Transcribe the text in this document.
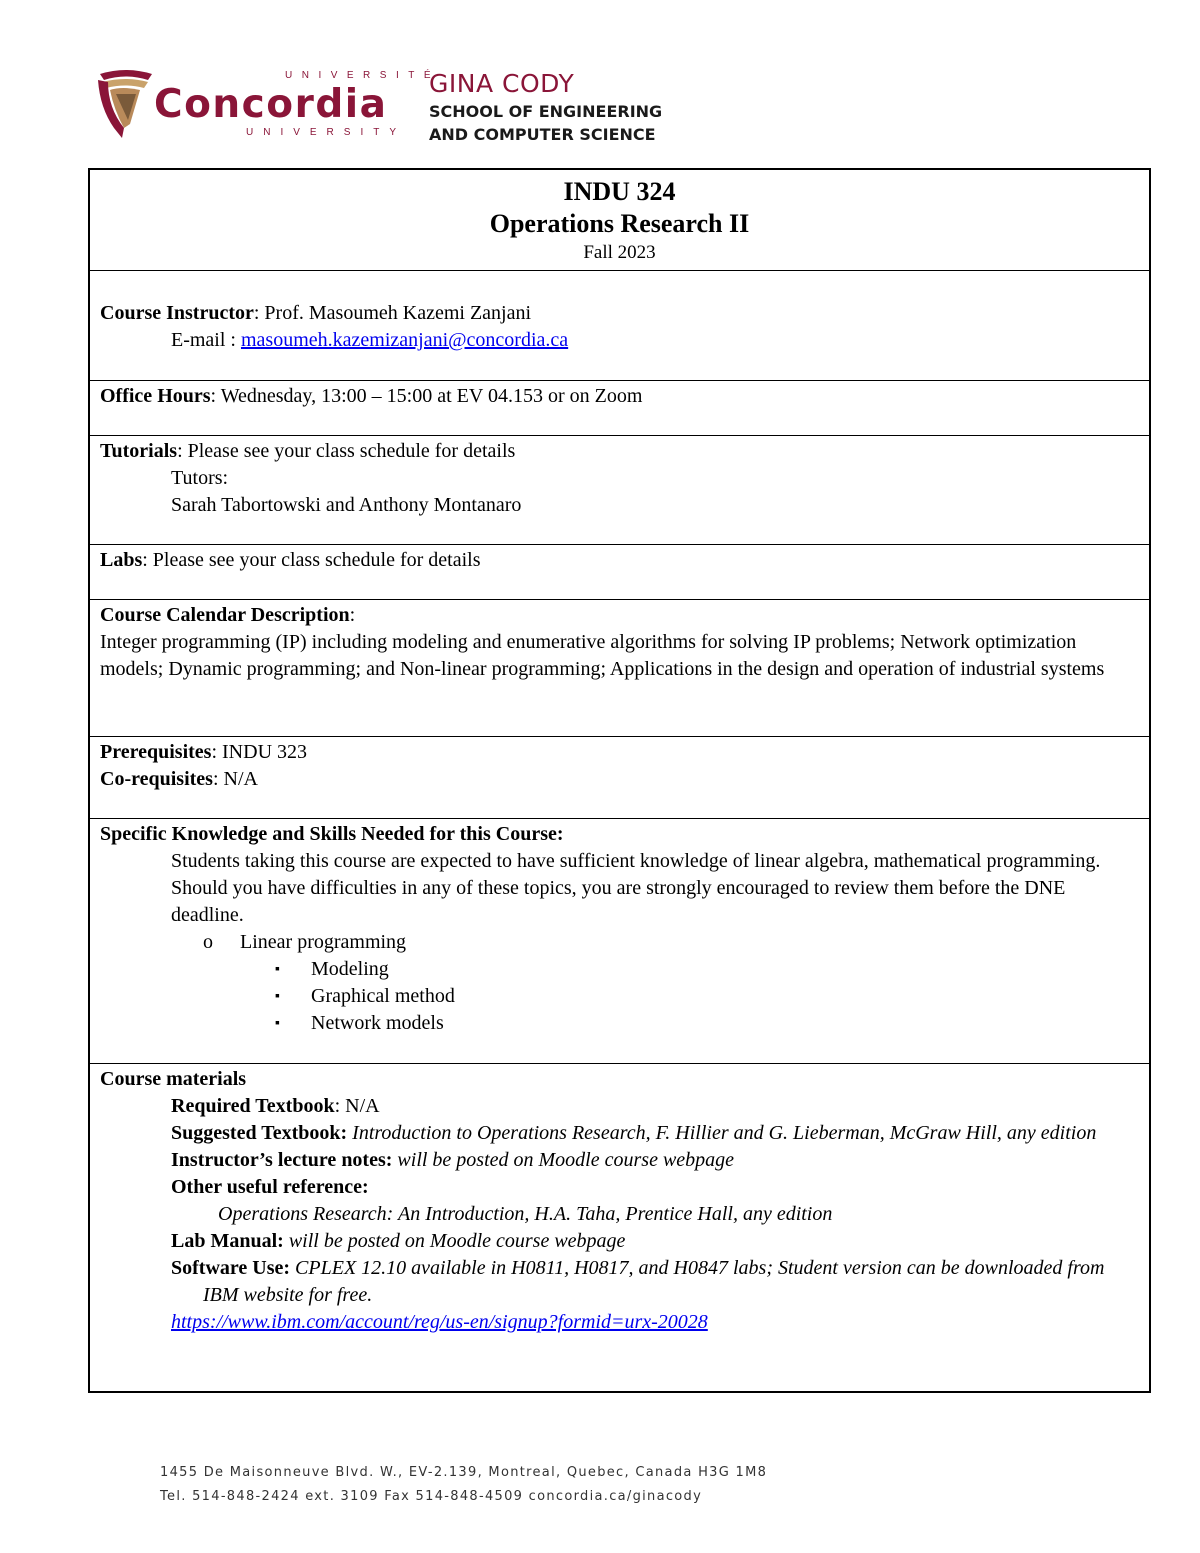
UNIVERSITÉ
Concordia
UNIVERSITY
GINA CODY
SCHOOL OF ENGINEERING
AND COMPUTER SCIENCE
INDU 324
Operations Research II
Fall 2023
Course Instructor: Prof. Masoumeh Kazemi Zanjani
E-mail : masoumeh.kazemizanjani@concordia.ca
Office Hours: Wednesday, 13:00 – 15:00 at EV 04.153 or on Zoom
Tutorials: Please see your class schedule for details
Tutors:
Sarah Tabortowski and Anthony Montanaro
Labs: Please see your class schedule for details
Course Calendar Description:
Integer programming (IP) including modeling and enumerative algorithms for solving IP problems; Network optimization models; Dynamic programming; and Non-linear programming; Applications in the design and operation of industrial systems
Prerequisites: INDU 323
Co-requisites: N/A
Specific Knowledge and Skills Needed for this Course:
Students taking this course are expected to have sufficient knowledge of linear algebra, mathematical programming. Should you have difficulties in any of these topics, you are strongly encouraged to review them before the DNE deadline.
o Linear programming
▪ Modeling
▪ Graphical method
▪ Network models
Course materials
Required Textbook: N/A
Suggested Textbook: Introduction to Operations Research, F. Hillier and G. Lieberman, McGraw Hill, any edition
Instructor’s lecture notes: will be posted on Moodle course webpage
Other useful reference:
Operations Research: An Introduction, H.A. Taha, Prentice Hall, any edition
Lab Manual: will be posted on Moodle course webpage
Software Use: CPLEX 12.10 available in H0811, H0817, and H0847 labs; Student version can be downloaded from IBM website for free.
https://www.ibm.com/account/reg/us-en/signup?formid=urx-20028
1455 De Maisonneuve Blvd. W., EV-2.139, Montreal, Quebec, Canada H3G 1M8
Tel. 514-848-2424 ext. 3109 Fax 514-848-4509 concordia.ca/ginacody
